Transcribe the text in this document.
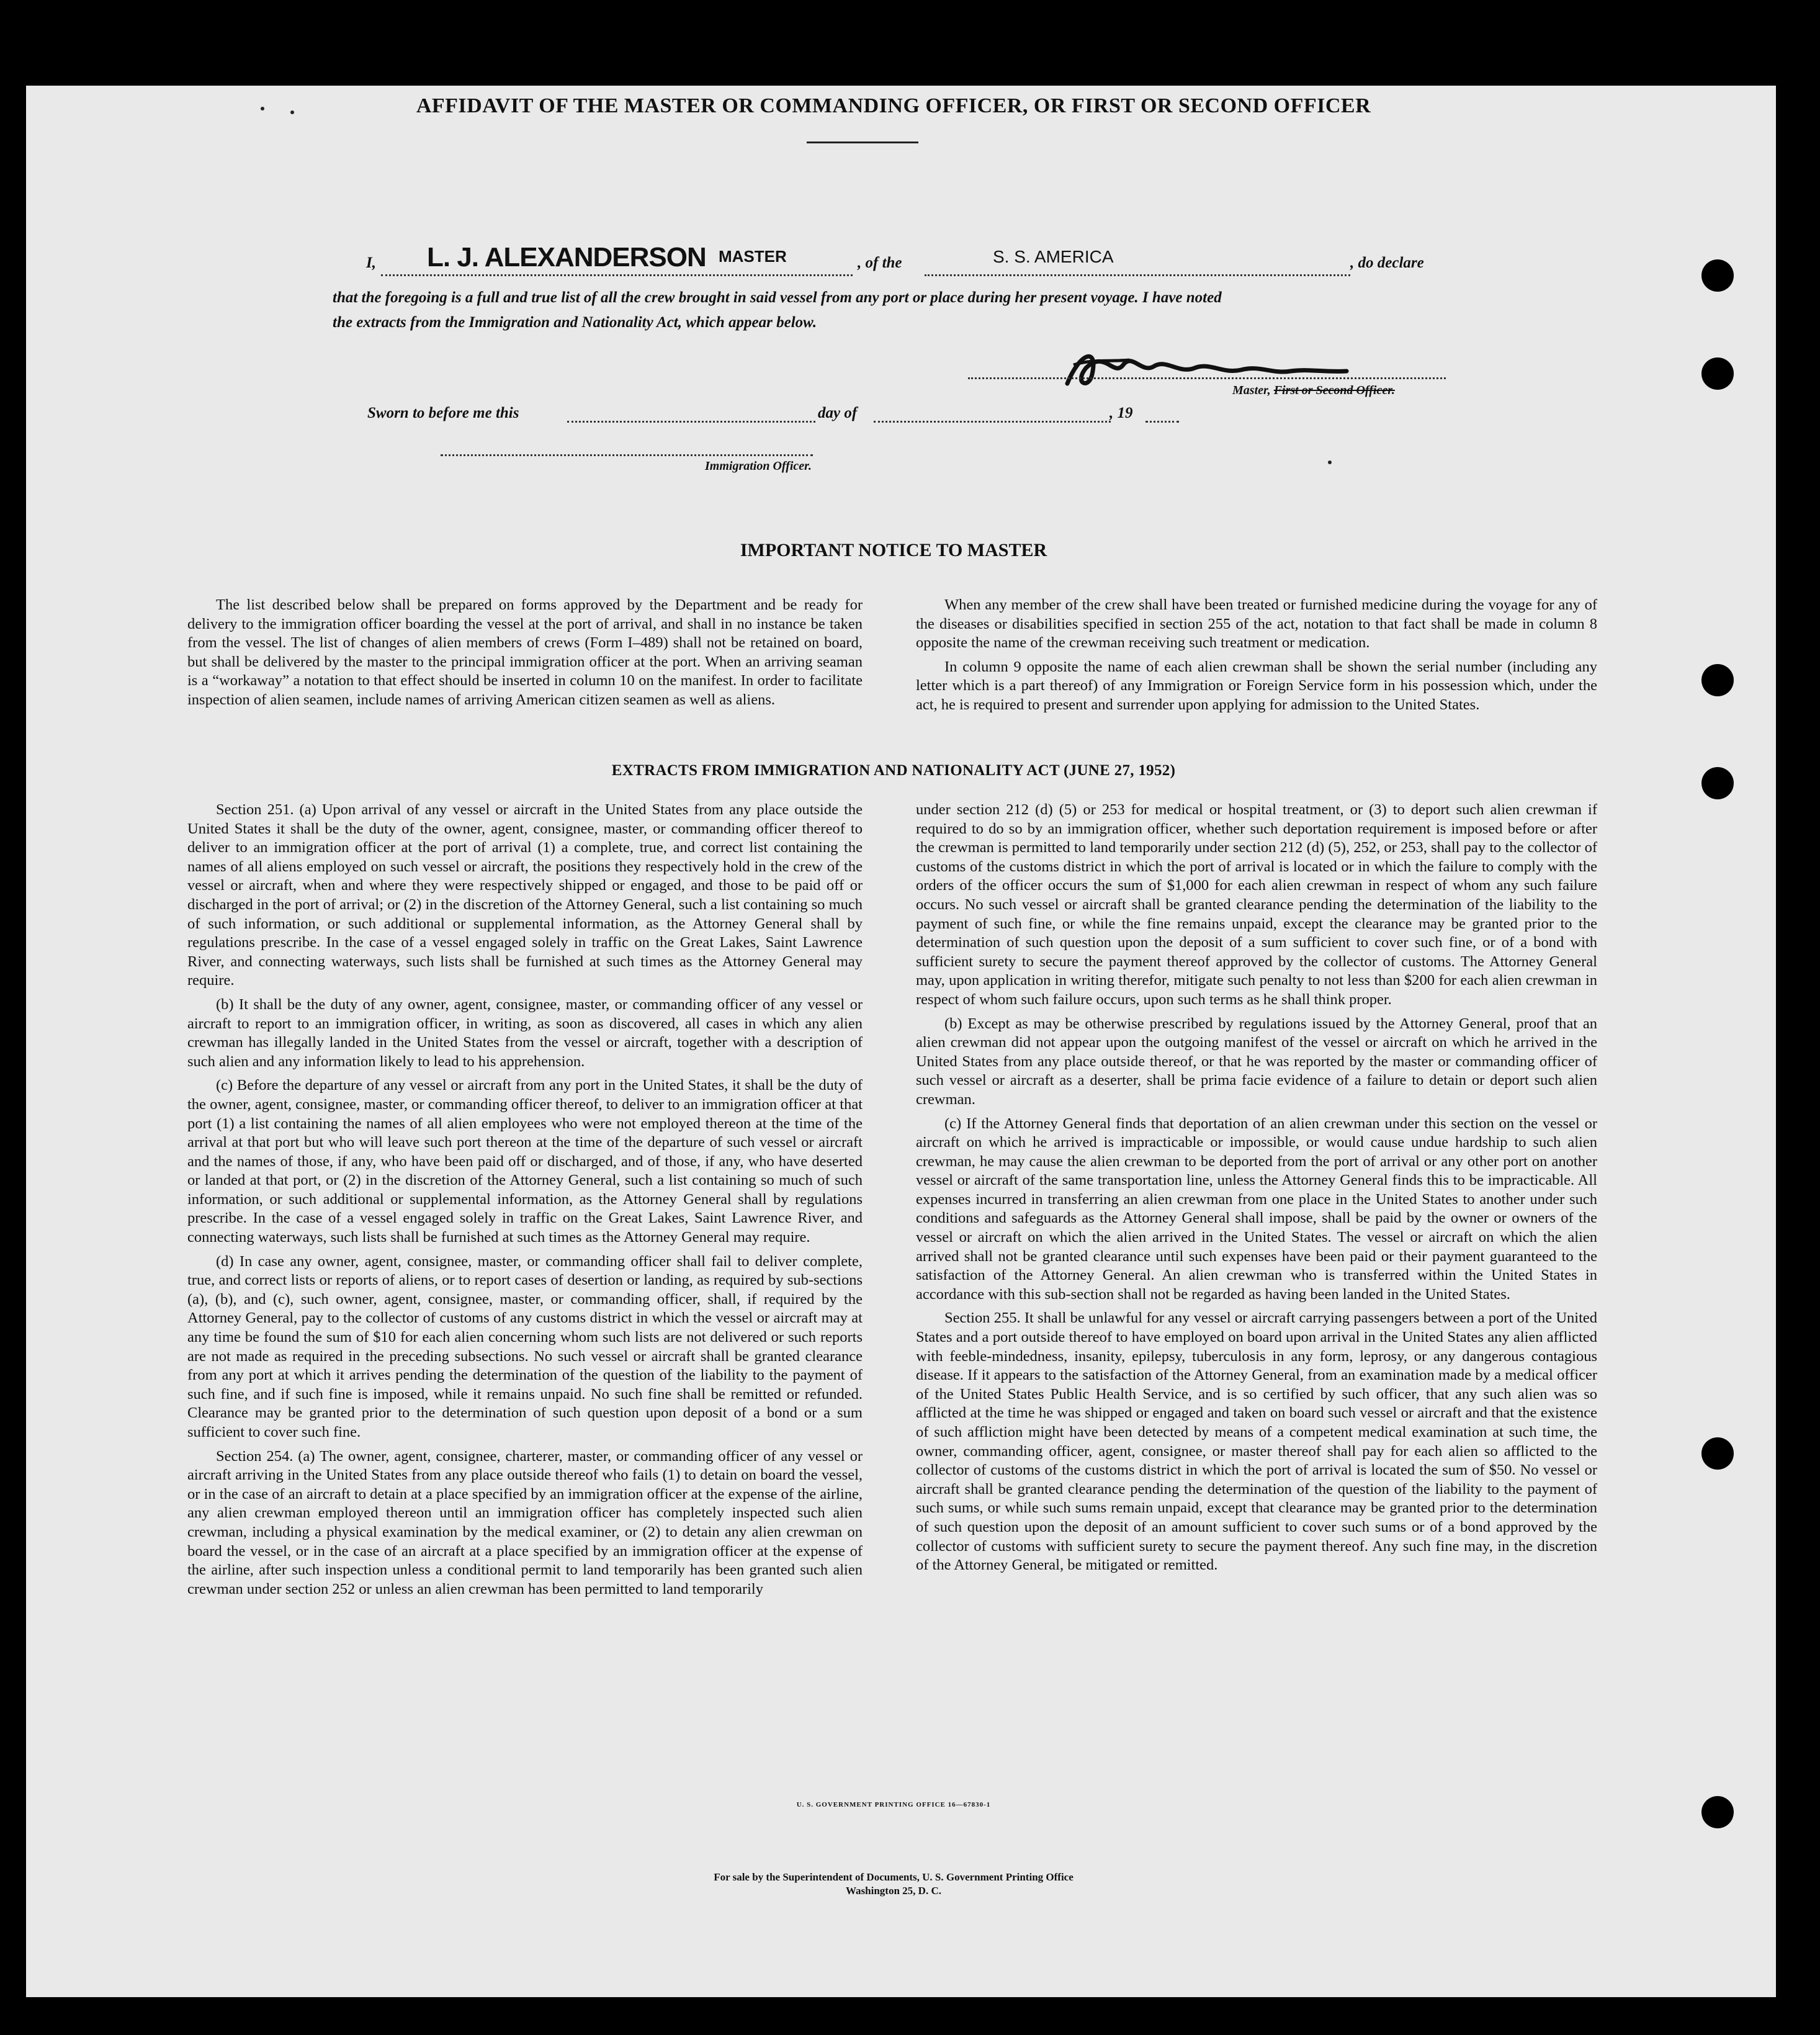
AFFIDAVIT OF THE MASTER OR COMMANDING OFFICER, OR FIRST OR SECOND OFFICER
I, L. J. ALEXANDERSON MASTER	, of the	S. S. AMERICA	, do declare
that the foregoing is a full and true list of all the crew brought in said vessel from any port or place during her present voyage. I have noted
the extracts from the Immigration and Nationality Act, which appear below.
Master, First or Second Officer.
Sworn to before me this	day of	, 19
Immigration Officer.
IMPORTANT NOTICE TO MASTER

The list described below shall be prepared on forms approved by the Department and be ready for delivery to the immigration officer boarding the vessel at the port of arrival, and shall in no instance be taken from the vessel. The list of changes of alien members of crews (Form I–489) shall not be retained on board, but shall be delivered by the master to the principal immigration officer at the port. When an arriving seaman is a “workaway” a notation to that effect should be inserted in column 10 on the manifest. In order to facilitate inspection of alien seamen, include names of arriving American citizen seamen as well as aliens.

When any member of the crew shall have been treated or furnished medicine during the voyage for any of the diseases or disabilities specified in section 255 of the act, notation to that fact shall be made in column 8 opposite the name of the crewman receiving such treatment or medication.

In column 9 opposite the name of each alien crewman shall be shown the serial number (including any letter which is a part thereof) of any Immigration or Foreign Service form in his possession which, under the act, he is required to present and surrender upon applying for admission to the United States.

EXTRACTS FROM IMMIGRATION AND NATIONALITY ACT (JUNE 27, 1952)

Section 251. (a) Upon arrival of any vessel or aircraft in the United States from any place outside the United States it shall be the duty of the owner, agent, consignee, master, or commanding officer thereof to deliver to an immigration officer at the port of arrival (1) a complete, true, and correct list containing the names of all aliens employed on such vessel or aircraft, the positions they respectively hold in the crew of the vessel or aircraft, when and where they were respectively shipped or engaged, and those to be paid off or discharged in the port of arrival; or (2) in the discretion of the Attorney General, such a list containing so much of such information, or such additional or supplemental information, as the Attorney General shall by regulations prescribe. In the case of a vessel engaged solely in traffic on the Great Lakes, Saint Lawrence River, and connecting waterways, such lists shall be furnished at such times as the Attorney General may require.

(b) It shall be the duty of any owner, agent, consignee, master, or commanding officer of any vessel or aircraft to report to an immigration officer, in writing, as soon as discovered, all cases in which any alien crewman has illegally landed in the United States from the vessel or aircraft, together with a description of such alien and any information likely to lead to his apprehension.

(c) Before the departure of any vessel or aircraft from any port in the United States, it shall be the duty of the owner, agent, consignee, master, or commanding officer thereof, to deliver to an immigration officer at that port (1) a list containing the names of all alien employees who were not employed thereon at the time of the arrival at that port but who will leave such port thereon at the time of the departure of such vessel or aircraft and the names of those, if any, who have been paid off or discharged, and of those, if any, who have deserted or landed at that port, or (2) in the discretion of the Attorney General, such a list containing so much of such information, or such additional or supplemental information, as the Attorney General shall by regulations prescribe. In the case of a vessel engaged solely in traffic on the Great Lakes, Saint Lawrence River, and connecting waterways, such lists shall be furnished at such times as the Attorney General may require.

(d) In case any owner, agent, consignee, master, or commanding officer shall fail to deliver complete, true, and correct lists or reports of aliens, or to report cases of desertion or landing, as required by sub-sections (a), (b), and (c), such owner, agent, consignee, master, or commanding officer, shall, if required by the Attorney General, pay to the collector of customs of any customs district in which the vessel or aircraft may at any time be found the sum of $10 for each alien concerning whom such lists are not delivered or such reports are not made as required in the preceding subsections. No such vessel or aircraft shall be granted clearance from any port at which it arrives pending the determination of the question of the liability to the payment of such fine, and if such fine is imposed, while it remains unpaid. No such fine shall be remitted or refunded. Clearance may be granted prior to the determination of such question upon deposit of a bond or a sum sufficient to cover such fine.

Section 254. (a) The owner, agent, consignee, charterer, master, or commanding officer of any vessel or aircraft arriving in the United States from any place outside thereof who fails (1) to detain on board the vessel, or in the case of an aircraft to detain at a place specified by an immigration officer at the expense of the airline, any alien crewman employed thereon until an immigration officer has completely inspected such alien crewman, including a physical examination by the medical examiner, or (2) to detain any alien crewman on board the vessel, or in the case of an aircraft at a place specified by an immigration officer at the expense of the airline, after such inspection unless a conditional permit to land temporarily has been granted such alien crewman under section 252 or unless an alien crewman has been permitted to land temporarily

under section 212 (d) (5) or 253 for medical or hospital treatment, or (3) to deport such alien crewman if required to do so by an immigration officer, whether such deportation requirement is imposed before or after the crewman is permitted to land temporarily under section 212 (d) (5), 252, or 253, shall pay to the collector of customs of the customs district in which the port of arrival is located or in which the failure to comply with the orders of the officer occurs the sum of $1,000 for each alien crewman in respect of whom any such failure occurs. No such vessel or aircraft shall be granted clearance pending the determination of the liability to the payment of such fine, or while the fine remains unpaid, except the clearance may be granted prior to the determination of such question upon the deposit of a sum sufficient to cover such fine, or of a bond with sufficient surety to secure the payment thereof approved by the collector of customs. The Attorney General may, upon application in writing therefor, mitigate such penalty to not less than $200 for each alien crewman in respect of whom such failure occurs, upon such terms as he shall think proper.

(b) Except as may be otherwise prescribed by regulations issued by the Attorney General, proof that an alien crewman did not appear upon the outgoing manifest of the vessel or aircraft on which he arrived in the United States from any place outside thereof, or that he was reported by the master or commanding officer of such vessel or aircraft as a deserter, shall be prima facie evidence of a failure to detain or deport such alien crewman.

(c) If the Attorney General finds that deportation of an alien crewman under this section on the vessel or aircraft on which he arrived is impracticable or impossible, or would cause undue hardship to such alien crewman, he may cause the alien crewman to be deported from the port of arrival or any other port on another vessel or aircraft of the same transportation line, unless the Attorney General finds this to be impracticable. All expenses incurred in transferring an alien crewman from one place in the United States to another under such conditions and safeguards as the Attorney General shall impose, shall be paid by the owner or owners of the vessel or aircraft on which the alien arrived in the United States. The vessel or aircraft on which the alien arrived shall not be granted clearance until such expenses have been paid or their payment guaranteed to the satisfaction of the Attorney General. An alien crewman who is transferred within the United States in accordance with this sub-section shall not be regarded as having been landed in the United States.

Section 255. It shall be unlawful for any vessel or aircraft carrying passengers between a port of the United States and a port outside thereof to have employed on board upon arrival in the United States any alien afflicted with feeble-mindedness, insanity, epilepsy, tuberculosis in any form, leprosy, or any dangerous contagious disease. If it appears to the satisfaction of the Attorney General, from an examination made by a medical officer of the United States Public Health Service, and is so certified by such officer, that any such alien was so afflicted at the time he was shipped or engaged and taken on board such vessel or aircraft and that the existence of such affliction might have been detected by means of a competent medical examination at such time, the owner, commanding officer, agent, consignee, or master thereof shall pay for each alien so afflicted to the collector of customs of the customs district in which the port of arrival is located the sum of $50. No vessel or aircraft shall be granted clearance pending the determination of the question of the liability to the payment of such sums, or while such sums remain unpaid, except that clearance may be granted prior to the determination of such question upon the deposit of an amount sufficient to cover such sums or of a bond approved by the collector of customs with sufficient surety to secure the payment thereof. Any such fine may, in the discretion of the Attorney General, be mitigated or remitted.

U. S. GOVERNMENT PRINTING OFFICE 16—67830-1
For sale by the Superintendent of Documents, U. S. Government Printing Office
Washington 25, D. C.
